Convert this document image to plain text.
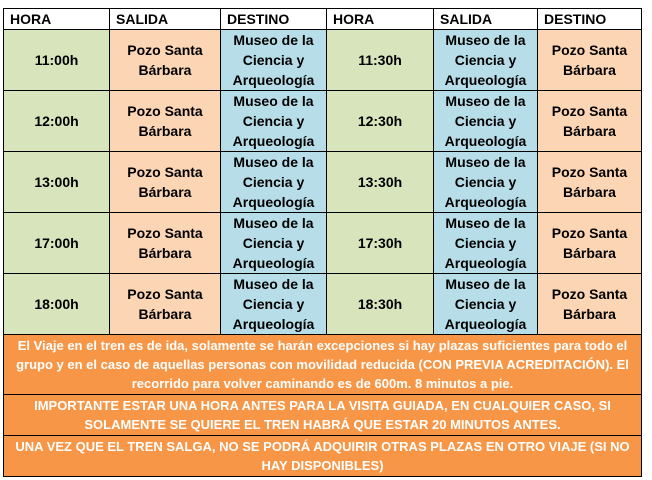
HORA	SALIDA	DESTINO	HORA	SALIDA	DESTINO
11:00h	Pozo Santa Bárbara	Museo de la Ciencia y Arqueología	11:30h	Museo de la Ciencia y Arqueología	Pozo Santa Bárbara
12:00h	Pozo Santa Bárbara	Museo de la Ciencia y Arqueología	12:30h	Museo de la Ciencia y Arqueología	Pozo Santa Bárbara
13:00h	Pozo Santa Bárbara	Museo de la Ciencia y Arqueología	13:30h	Museo de la Ciencia y Arqueología	Pozo Santa Bárbara
17:00h	Pozo Santa Bárbara	Museo de la Ciencia y Arqueología	17:30h	Museo de la Ciencia y Arqueología	Pozo Santa Bárbara
18:00h	Pozo Santa Bárbara	Museo de la Ciencia y Arqueología	18:30h	Museo de la Ciencia y Arqueología	Pozo Santa Bárbara
El Viaje en el tren es de ida, solamente se harán excepciones si hay plazas suficientes para todo el grupo y en el caso de aquellas personas con movilidad reducida (CON PREVIA ACREDITACIÓN). El recorrido para volver caminando es de 600m. 8 minutos a pie.					
IMPORTANTE ESTAR UNA HORA ANTES PARA LA VISITA GUIADA, EN CUALQUIER CASO, SI SOLAMENTE SE QUIERE EL TREN HABRÁ QUE ESTAR 20 MINUTOS ANTES.					
UNA VEZ QUE EL TREN SALGA, NO SE PODRÁ ADQUIRIR OTRAS PLAZAS EN OTRO VIAJE (SI NO HAY DISPONIBLES)					
